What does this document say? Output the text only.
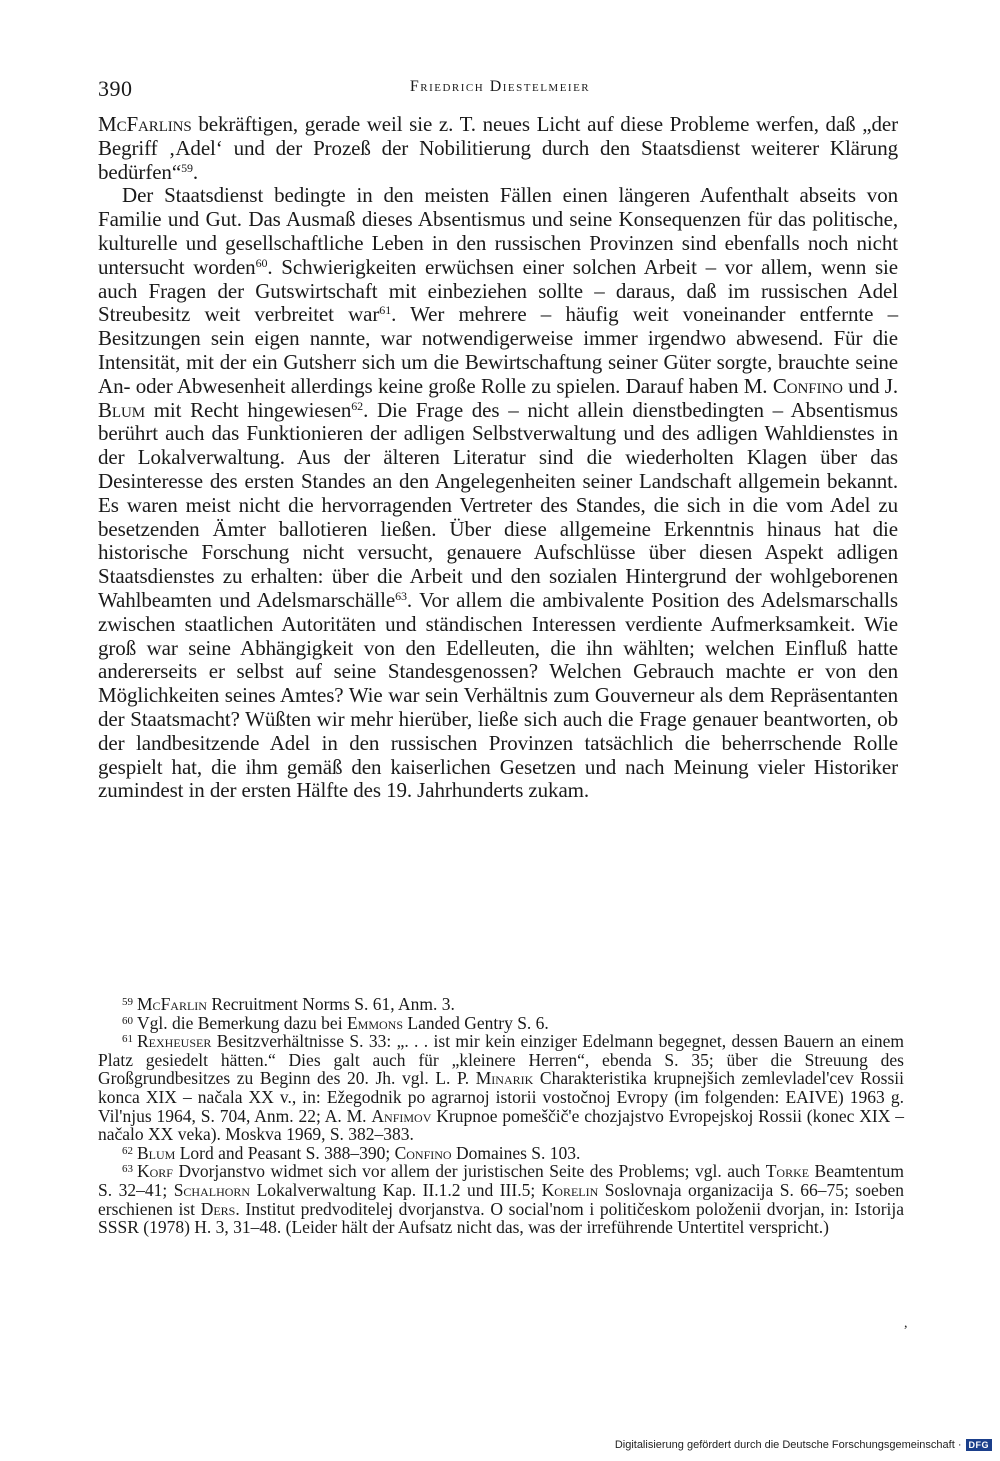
390	Friedrich Diestelmeier

McFarlins bekräftigen, gerade weil sie z. T. neues Licht auf diese Probleme werfen, daß „der Begriff ‚Adel‘ und der Prozeß der Nobilitierung durch den Staatsdienst weiterer Klärung bedürfen“$^{59}$.

Der Staatsdienst bedingte in den meisten Fällen einen längeren Aufenthalt abseits von Familie und Gut. Das Ausmaß dieses Absentismus und seine Konsequenzen für das politische, kulturelle und gesellschaftliche Leben in den russischen Provinzen sind ebenfalls noch nicht untersucht worden$^{60}$. Schwierigkeiten erwüchsen einer solchen Arbeit – vor allem, wenn sie auch Fragen der Gutswirtschaft mit einbeziehen sollte – daraus, daß im russischen Adel Streubesitz weit verbreitet war$^{61}$. Wer mehrere – häufig weit voneinander entfernte – Besitzungen sein eigen nannte, war notwendigerweise immer irgendwo abwesend. Für die Intensität, mit der ein Gutsherr sich um die Bewirtschaftung seiner Güter sorgte, brauchte seine An- oder Abwesenheit allerdings keine große Rolle zu spielen. Darauf haben M. Confino und J. Blum mit Recht hingewiesen$^{62}$. Die Frage des – nicht allein dienstbedingten – Absentismus berührt auch das Funktionieren der adligen Selbstverwaltung und des adligen Wahldienstes in der Lokalverwaltung. Aus der älteren Literatur sind die wiederholten Klagen über das Desinteresse des ersten Standes an den Angelegenheiten seiner Landschaft allgemein bekannt. Es waren meist nicht die hervorragenden Vertreter des Standes, die sich in die vom Adel zu besetzenden Ämter ballotieren ließen. Über diese allgemeine Erkenntnis hinaus hat die historische Forschung nicht versucht, genauere Aufschlüsse über diesen Aspekt adligen Staatsdienstes zu erhalten: über die Arbeit und den sozialen Hintergrund der wohlgeborenen Wahlbeamten und Adelsmarschälle$^{63}$. Vor allem die ambivalente Position des Adelsmarschalls zwischen staatlichen Autoritäten und ständischen Interessen verdiente Aufmerksamkeit. Wie groß war seine Abhängigkeit von den Edelleuten, die ihn wählten; welchen Einfluß hatte andererseits er selbst auf seine Standesgenossen? Welchen Gebrauch machte er von den Möglichkeiten seines Amtes? Wie war sein Verhältnis zum Gouverneur als dem Repräsentanten der Staatsmacht? Wüßten wir mehr hierüber, ließe sich auch die Frage genauer beantworten, ob der landbesitzende Adel in den russischen Provinzen tatsächlich die beherrschende Rolle gespielt hat, die ihm gemäß den kaiserlichen Gesetzen und nach Meinung vieler Historiker zumindest in der ersten Hälfte des 19. Jahrhunderts zukam.

$^{59}$ McFarlin Recruitment Norms S. 61, Anm. 3.

$^{60}$ Vgl. die Bemerkung dazu bei Emmons Landed Gentry S. 6.

$^{61}$ Rexheuser Besitzverhältnisse S. 33: „. . . ist mir kein einziger Edelmann begegnet, dessen Bauern an einem Platz gesiedelt hätten.“ Dies galt auch für „kleinere Herren“, ebenda S. 35; über die Streuung des Großgrundbesitzes zu Beginn des 20. Jh. vgl. L. P. Minarik Charakteristika krupnejšich zemlevladel'cev Rossii konca XIX – načala XX v., in: Ežegodnik po agrarnoj istorii vostočnoj Evropy (im folgenden: EAIVE) 1963 g. Vil'njus 1964, S. 704, Anm. 22; A. M. Anfimov Krupnoe pomeščič'e chozjajstvo Evropejskoj Rossii (konec XIX – načalo XX veka). Moskva 1969, S. 382–383.

$^{62}$ Blum Lord and Peasant S. 388–390; Confino Domaines S. 103.

$^{63}$ Korf Dvorjanstvo widmet sich vor allem der juristischen Seite des Problems; vgl. auch Torke Beamtentum S. 32–41; Schalhorn Lokalverwaltung Kap. II.1.2 und III.5; Korelin Soslovnaja organizacija S. 66–75; soeben erschienen ist Ders. Institut predvoditelej dvorjanstva. O social'nom i političeskom položenii dvorjan, in: Istorija SSSR (1978) H. 3, 31–48. (Leider hält der Aufsatz nicht das, was der irreführende Untertitel verspricht.)

,
Digitalisierung gefördert durch die Deutsche Forschungsgemeinschaft · DFG
